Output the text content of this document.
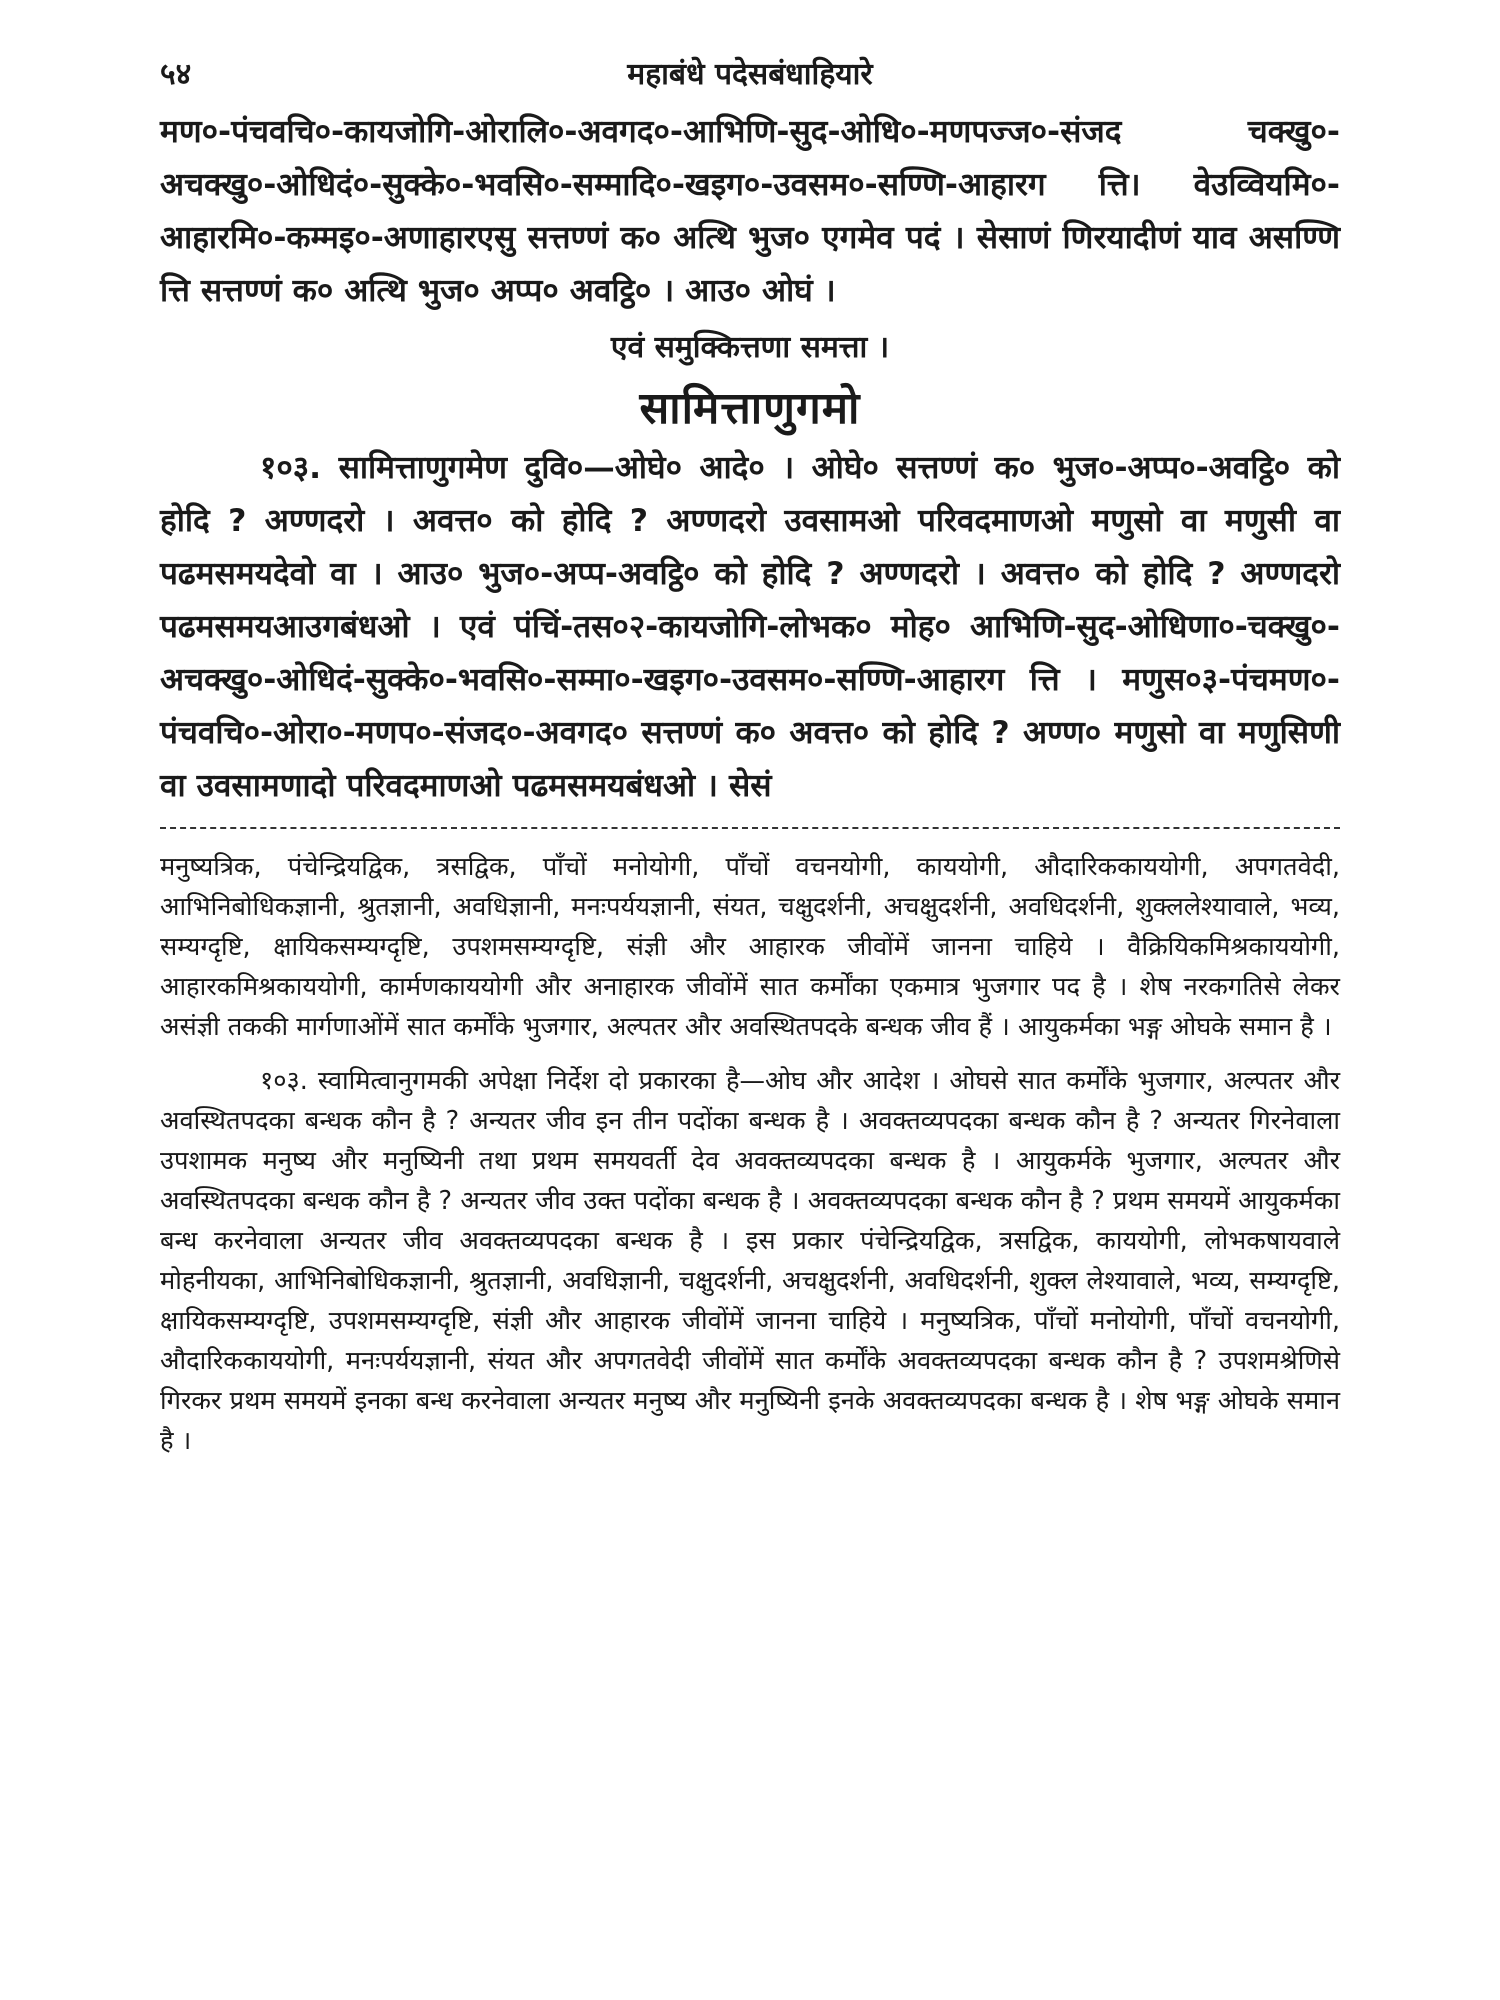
५४	महाबंधे पदेसबंधाहियारे

मण०-पंचवचि०-कायजोगि-ओरालि०-अवगद०-आभिणि-सुद-ओधि०-मणपज्ज०-संजद चक्खु०-अचक्खु०-ओधिदं०-सुक्के०-भवसि०-सम्मादि०-खइग०-उवसम०-सण्णि-आहारग त्ति। वेउव्वियमि०-आहारमि०-कम्मइ०-अणाहारएसु सत्तण्णं क० अत्थि भुज० एगमेव पदं । सेसाणं णिरयादीणं याव असण्णि त्ति सत्तण्णं क० अत्थि भुज० अप्प० अवट्ठि० । आउ० ओघं ।

एवं समुक्कित्तणा समत्ता ।

सामित्ताणुगमो

१०३. सामित्ताणुगमेण दुवि०—ओघे० आदे० । ओघे० सत्तण्णं क० भुज०-अप्प०-अवट्ठि० को होदि ? अण्णदरो । अवत्त० को होदि ? अण्णदरो उवसामओ परिवदमाणओ मणुसो वा मणुसी वा पढमसमयदेवो वा । आउ० भुज०-अप्प-अवट्ठि० को होदि ? अण्णदरो । अवत्त० को होदि ? अण्णदरो पढमसमयआउगबंधओ । एवं पंचिं-तस०२-कायजोगि-लोभक० मोह० आभिणि-सुद-ओधिणा०-चक्खु०-अचक्खु०-ओधिदं-सुक्के०-भवसि०-सम्मा०-खइग०-उवसम०-सण्णि-आहारग त्ति । मणुस०३-पंचमण०-पंचवचि०-ओरा०-मणप०-संजद०-अवगद० सत्तण्णं क० अवत्त० को होदि ? अण्ण० मणुसो वा मणुसिणी वा उवसामणादो परिवदमाणओ पढमसमयबंधओ । सेसं

मनुष्यत्रिक, पंचेन्द्रियद्विक, त्रसद्विक, पाँचों मनोयोगी, पाँचों वचनयोगी, काययोगी, औदारिककाययोगी, अपगतवेदी, आभिनिबोधिकज्ञानी, श्रुतज्ञानी, अवधिज्ञानी, मनःपर्ययज्ञानी, संयत, चक्षुदर्शनी, अचक्षुदर्शनी, अवधिदर्शनी, शुक्ललेश्यावाले, भव्य, सम्यग्दृष्टि, क्षायिकसम्यग्दृष्टि, उपशमसम्यग्दृष्टि, संज्ञी और आहारक जीवोंमें जानना चाहिये । वैक्रियिकमिश्रकाययोगी, आहारकमिश्रकाययोगी, कार्मणकाययोगी और अनाहारक जीवोंमें सात कर्मोंका एकमात्र भुजगार पद है । शेष नरकगतिसे लेकर असंज्ञी तककी मार्गणाओंमें सात कर्मोंके भुजगार, अल्पतर और अवस्थितपदके बन्धक जीव हैं । आयुकर्मका भङ्ग ओघके समान है ।

१०३. स्वामित्वानुगमकी अपेक्षा निर्देश दो प्रकारका है—ओघ और आदेश । ओघसे सात कर्मोंके भुजगार, अल्पतर और अवस्थितपदका बन्धक कौन है ? अन्यतर जीव इन तीन पदोंका बन्धक है । अवक्तव्यपदका बन्धक कौन है ? अन्यतर गिरनेवाला उपशामक मनुष्य और मनुष्यिनी तथा प्रथम समयवर्ती देव अवक्तव्यपदका बन्धक है । आयुकर्मके भुजगार, अल्पतर और अवस्थितपदका बन्धक कौन है ? अन्यतर जीव उक्त पदोंका बन्धक है । अवक्तव्यपदका बन्धक कौन है ? प्रथम समयमें आयुकर्मका बन्ध करनेवाला अन्यतर जीव अवक्तव्यपदका बन्धक है । इस प्रकार पंचेन्द्रियद्विक, त्रसद्विक, काययोगी, लोभकषायवाले मोहनीयका, आभिनिबोधिकज्ञानी, श्रुतज्ञानी, अवधिज्ञानी, चक्षुदर्शनी, अचक्षुदर्शनी, अवधिदर्शनी, शुक्ल लेश्यावाले, भव्य, सम्यग्दृष्टि, क्षायिकसम्यग्दृष्टि, उपशमसम्यग्दृष्टि, संज्ञी और आहारक जीवोंमें जानना चाहिये । मनुष्यत्रिक, पाँचों मनोयोगी, पाँचों वचनयोगी, औदारिककाययोगी, मनःपर्ययज्ञानी, संयत और अपगतवेदी जीवोंमें सात कर्मोंके अवक्तव्यपदका बन्धक कौन है ? उपशमश्रेणिसे गिरकर प्रथम समयमें इनका बन्ध करनेवाला अन्यतर मनुष्य और मनुष्यिनी इनके अवक्तव्यपदका बन्धक है । शेष भङ्ग ओघके समान है ।
